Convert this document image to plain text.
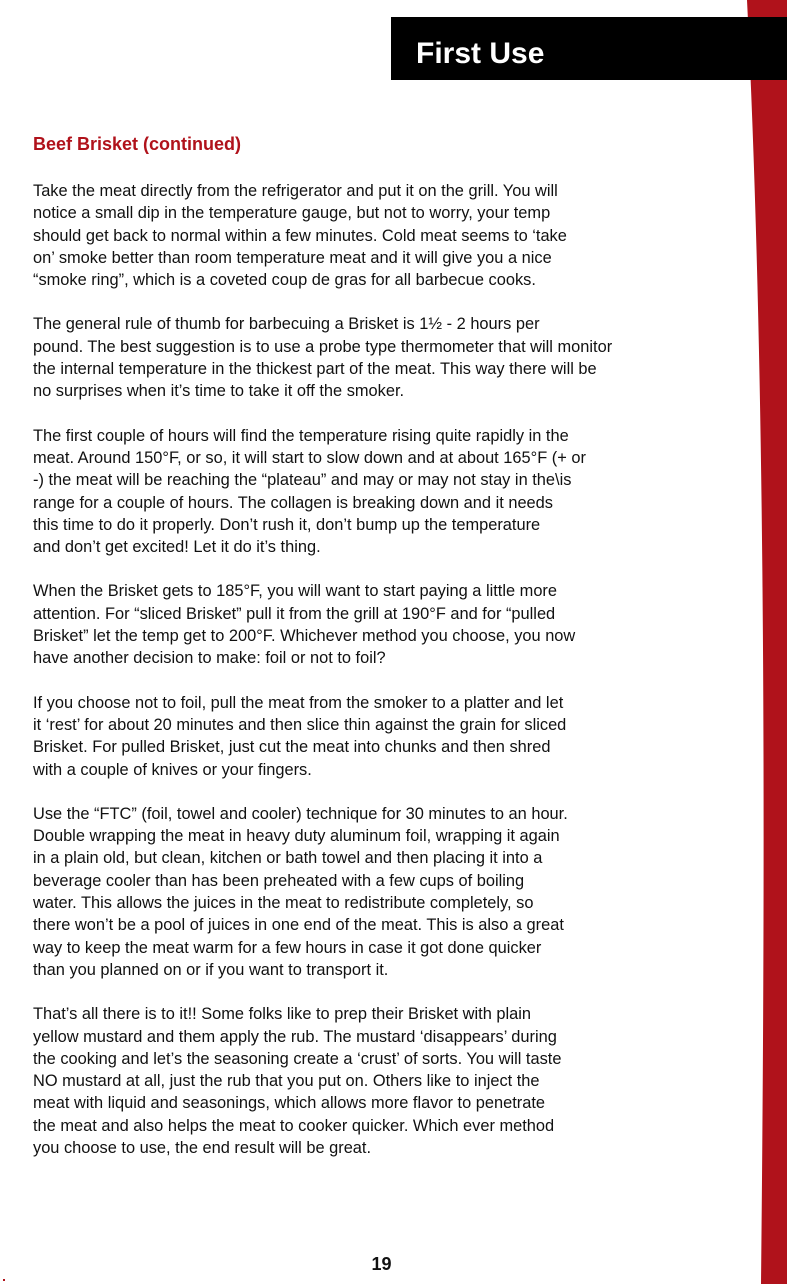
First Use
Beef Brisket (continued)
Take the meat directly from the refrigerator and put it on the grill. You will
notice a small dip in the temperature gauge, but not to worry, your temp
should get back to normal within a few minutes. Cold meat seems to ‘take
on’ smoke better than room temperature meat and it will give you a nice
“smoke ring”, which is a coveted coup de gras for all barbecue cooks.
The general rule of thumb for barbecuing a Brisket is 1½ - 2 hours per
pound. The best suggestion is to use a probe type thermometer that will monitor
the internal temperature in the thickest part of the meat. This way there will be
no surprises when it’s time to take it off the smoker.
The first couple of hours will find the temperature rising quite rapidly in the
meat. Around 150°F, or so, it will start to slow down and at about 165°F (+ or
-) the meat will be reaching the “plateau” and may or may not stay in the\is
range for a couple of hours. The collagen is breaking down and it needs
this time to do it properly. Don’t rush it, don’t bump up the temperature
and don’t get excited! Let it do it’s thing.
When the Brisket gets to 185°F, you will want to start paying a little more
attention. For “sliced Brisket” pull it from the grill at 190°F and for “pulled
Brisket” let the temp get to 200°F. Whichever method you choose, you now
have another decision to make: foil or not to foil?
If you choose not to foil, pull the meat from the smoker to a platter and let
it ‘rest’ for about 20 minutes and then slice thin against the grain for sliced
Brisket. For pulled Brisket, just cut the meat into chunks and then shred
with a couple of knives or your fingers.
Use the “FTC” (foil, towel and cooler) technique for 30 minutes to an hour.
Double wrapping the meat in heavy duty aluminum foil, wrapping it again
in a plain old, but clean, kitchen or bath towel and then placing it into a
beverage cooler than has been preheated with a few cups of boiling
water. This allows the juices in the meat to redistribute completely, so
there won’t be a pool of juices in one end of the meat. This is also a great
way to keep the meat warm for a few hours in case it got done quicker
than you planned on or if you want to transport it.
That’s all there is to it!! Some folks like to prep their Brisket with plain
yellow mustard and them apply the rub. The mustard ‘disappears’ during
the cooking and let’s the seasoning create a ‘crust’ of sorts. You will taste
NO mustard at all, just the rub that you put on. Others like to inject the
meat with liquid and seasonings, which allows more flavor to penetrate
the meat and also helps the meat to cooker quicker. Which ever method
you choose to use, the end result will be great.
19
